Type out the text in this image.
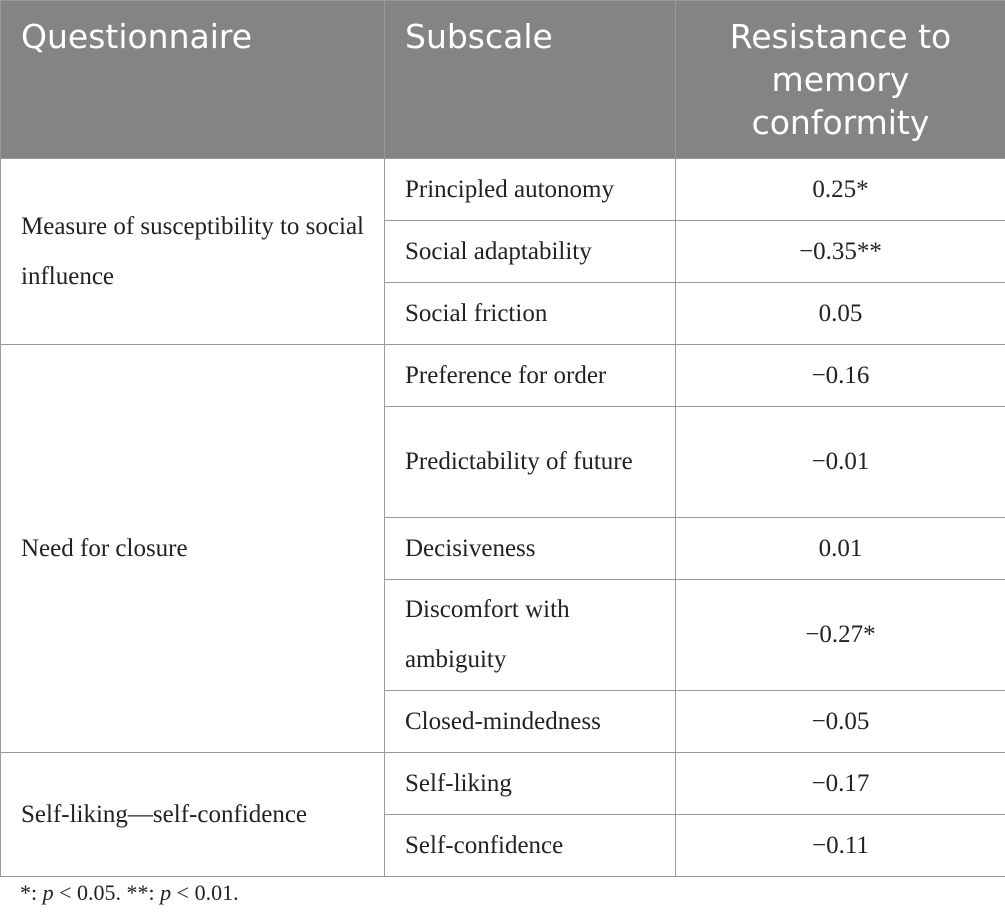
Questionnaire	Subscale	Resistance to memory conformity
Measure of susceptibility to social influence	Principled autonomy	0.25*
	Social adaptability	−0.35**
	Social friction	0.05
Need for closure	Preference for order	−0.16
	Predictability of future	−0.01
	Decisiveness	0.01
	Discomfort with ambiguity	−0.27*
	Closed-mindedness	−0.05
Self-liking—self-confidence	Self-liking	−0.17
	Self-confidence	−0.11
*: p < 0.05. **: p < 0.01.
